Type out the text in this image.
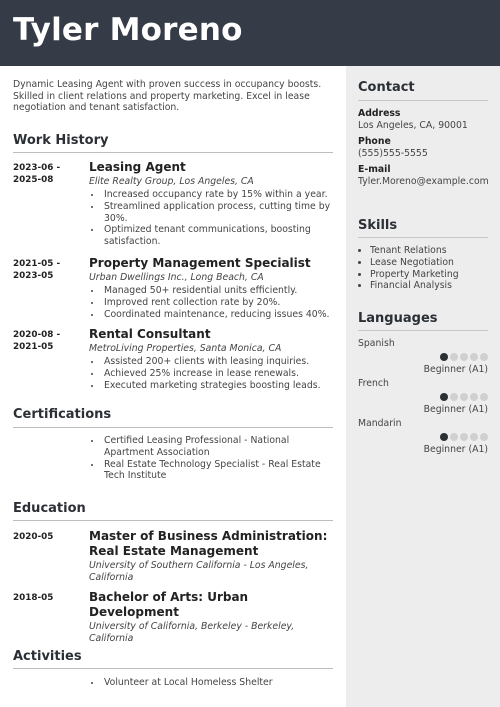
Tyler Moreno
Contact
Address
Los Angeles, CA, 90001
Phone
(555)555-5555
E-mail
Tyler.Moreno@example.com
Skills
• Tenant Relations
• Lease Negotiation
• Property Marketing
• Financial Analysis
Languages
Spanish
Beginner (A1)
French
Beginner (A1)
Mandarin
Beginner (A1)
Dynamic Leasing Agent with proven success in occupancy boosts. Skilled in client relations and property marketing. Excel in lease negotiation and tenant satisfaction.
Work History
2023-06 - 2025-08
Leasing Agent
Elite Realty Group, Los Angeles, CA
• Increased occupancy rate by 15% within a year.
• Streamlined application process, cutting time by 30%.
• Optimized tenant communications, boosting satisfaction.
2021-05 - 2023-05
Property Management Specialist
Urban Dwellings Inc., Long Beach, CA
• Managed 50+ residential units efficiently.
• Improved rent collection rate by 20%.
• Coordinated maintenance, reducing issues 40%.
2020-08 - 2021-05
Rental Consultant
MetroLiving Properties, Santa Monica, CA
• Assisted 200+ clients with leasing inquiries.
• Achieved 25% increase in lease renewals.
• Executed marketing strategies boosting leads.
Certifications
• Certified Leasing Professional - National Apartment Association
• Real Estate Technology Specialist - Real Estate Tech Institute
Education
2020-05	Master of Business Administration: Real Estate Management
University of Southern California - Los Angeles, California
2018-05	Bachelor of Arts: Urban Development
University of California, Berkeley - Berkeley, California
Activities
• Volunteer at Local Homeless Shelter
